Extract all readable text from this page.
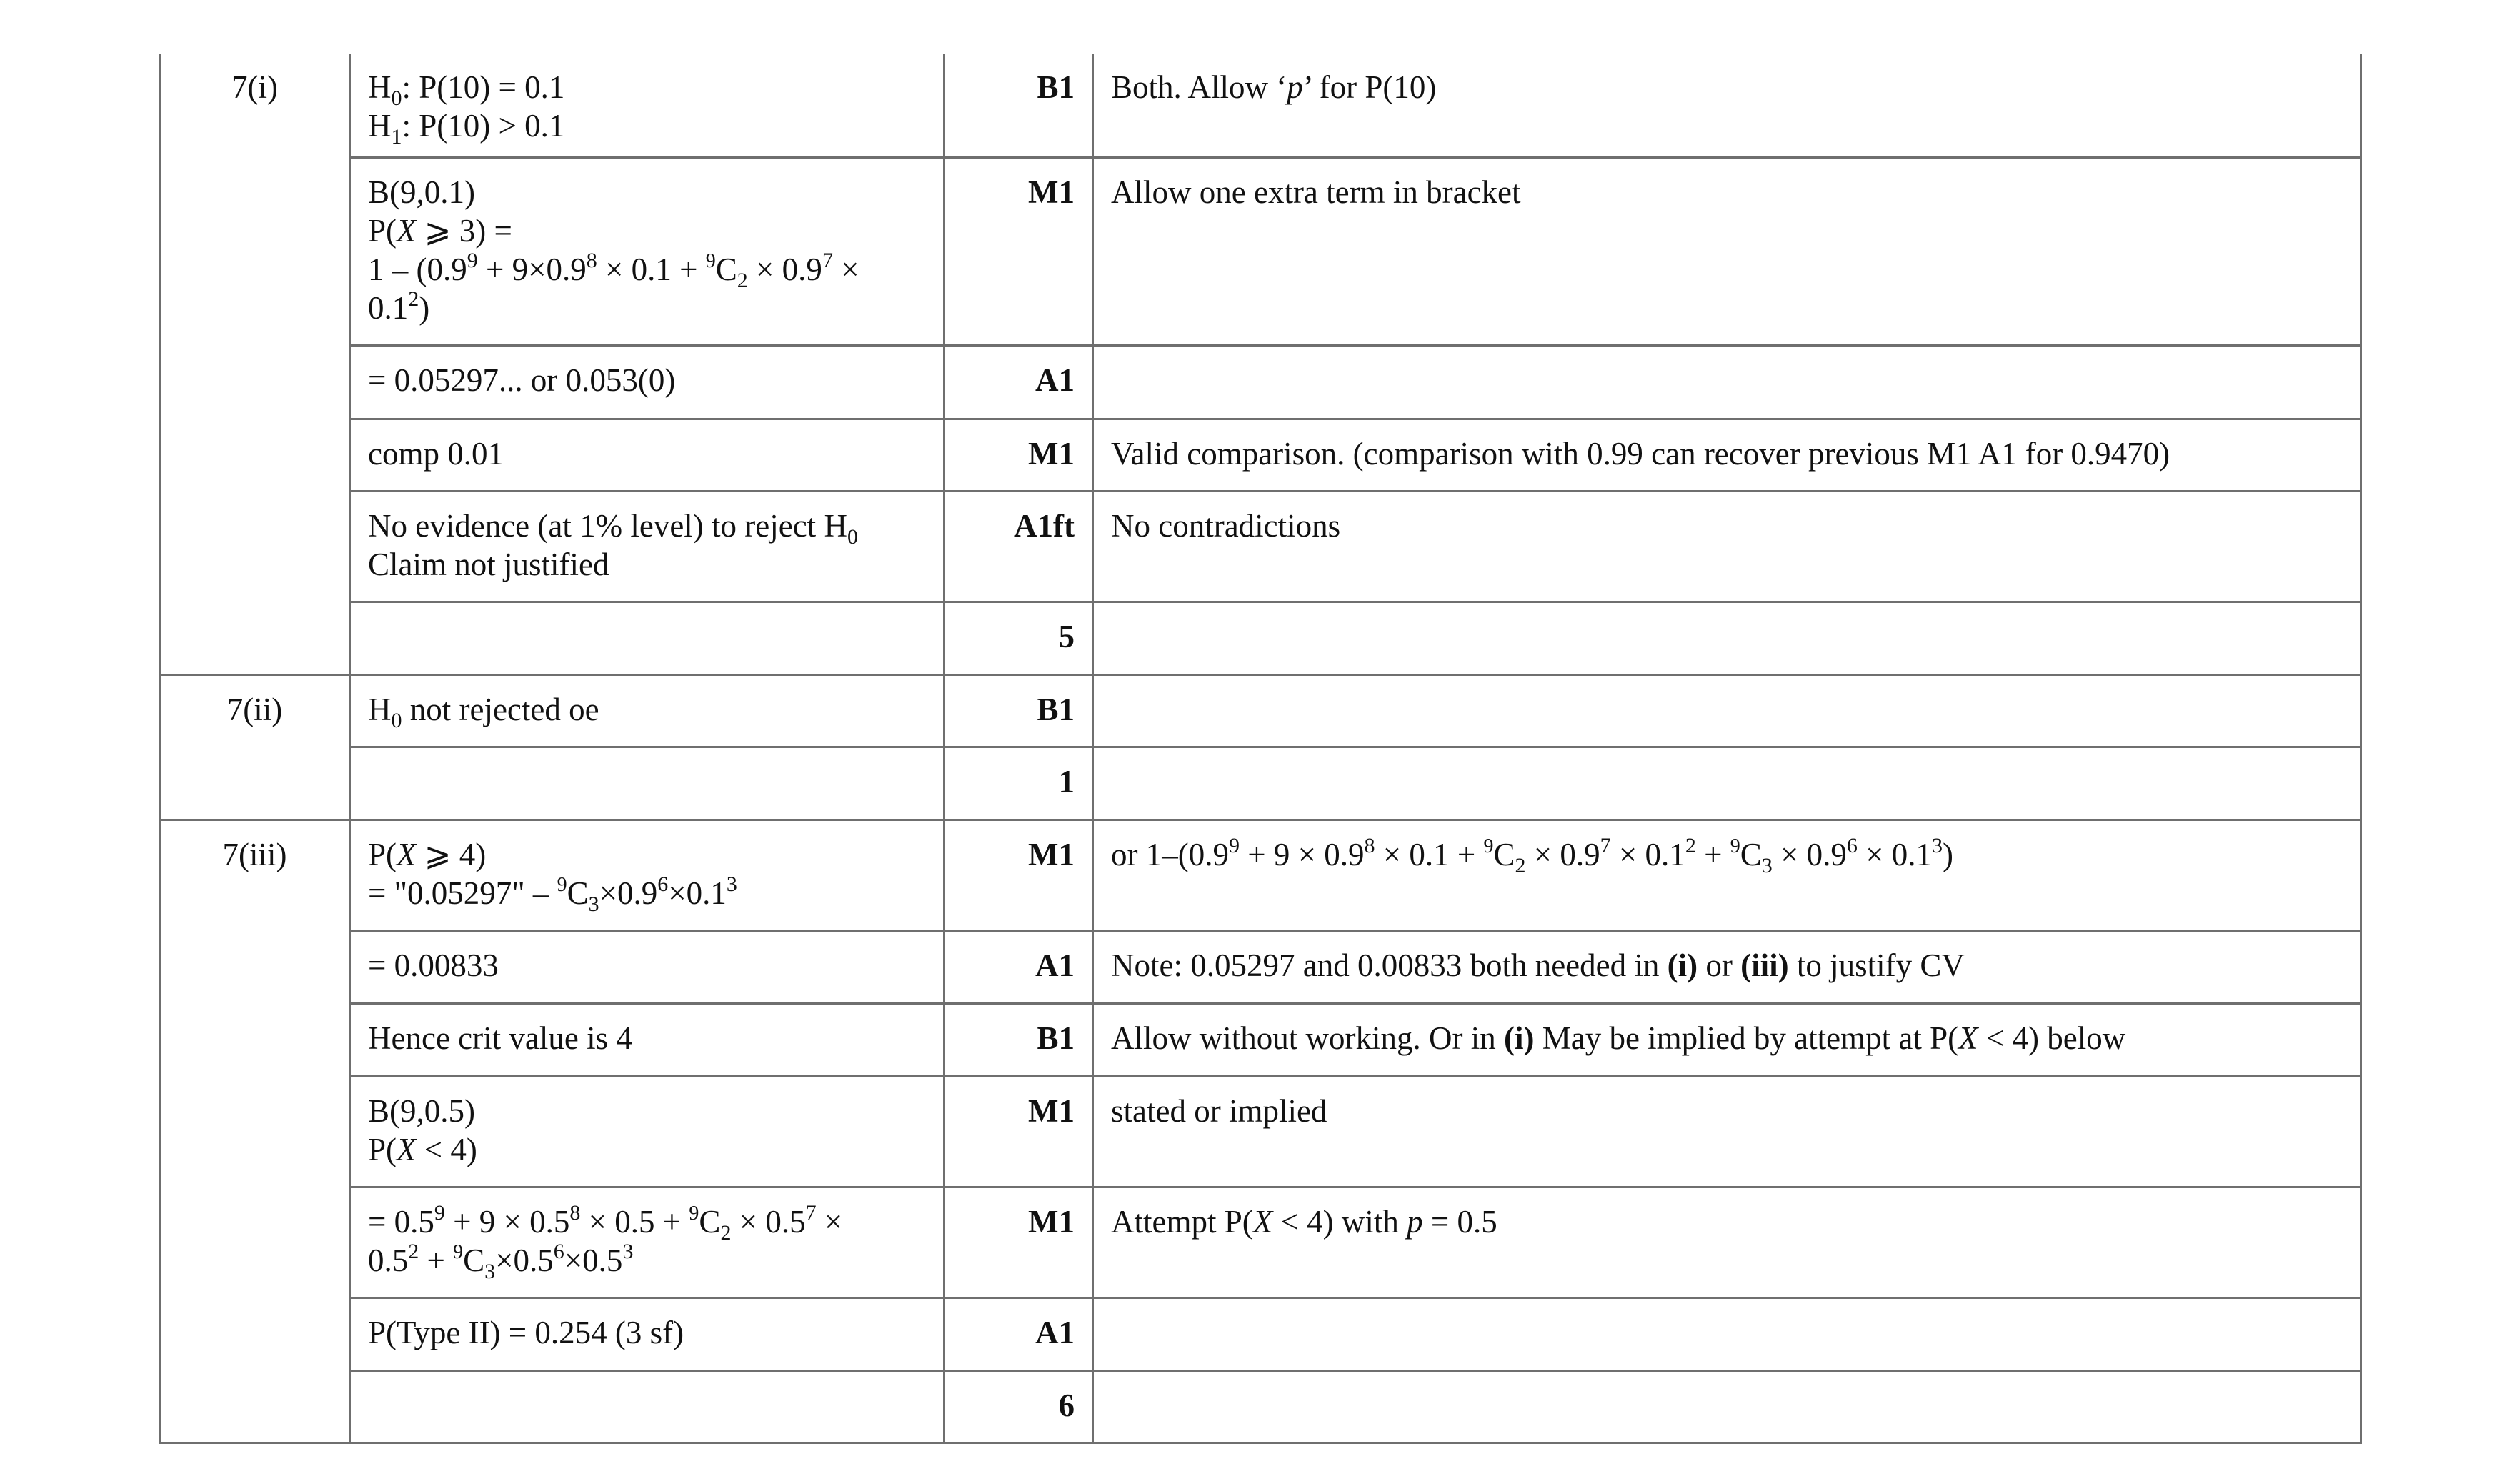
7(i)	$H_0$: P(10) = 0.1
$H_1$: P(10) > 0.1	B1	Both. Allow ‘p’ for P(10)

	B(9,0.1)
P(X ⩾ 3) =
$1 - (0.9^9 + 9\times 0.9^8 \times 0.1 + ^9C_2 \times 0.9^7$ ×
$0.1^2$)	M1	Allow one extra term in bracket
	= 0.05297... or 0.053(0)	A1	
	comp 0.01	M1	Valid comparison. (comparison with 0.99 can recover previous M1 A1 for 0.9470)

	No evidence (at 1% level) to reject $H_0$
Claim not justified	A1ft	No contradictions
		5	
7(ii)	$H_0$ not rejected oe	B1	
		1	
7(iii)	P(X ⩾ 4)
= "0.05297" – $^9C_3\times 0.9^6\times 0.1^3$	M1	or $1-(0.9^9 + 9 \times 0.9^8 \times 0.1 + ^9C_2 \times 0.9^7 \times 0.1^2 + ^9C_3 \times 0.9^6 \times 0.1^3)$
	= 0.00833	A1	Note: 0.05297 and 0.00833 both needed in (i) or (iii) to justify CV
	Hence crit value is 4	B1	Allow without working. Or in (i) May be implied by attempt at P(X < 4) below

	B(9,0.5)
P(X < 4)	M1	stated or implied

	= $0.5^9 + 9 \times 0.5^8 \times 0.5 + ^9C_2 \times 0.5^7$ ×
$0.5^2 + ^9C_3\times 0.5^6\times 0.5^3$	M1	Attempt P(X < 4) with p = 0.5
	P(Type II) = 0.254 (3 sf)	A1	
		6	
